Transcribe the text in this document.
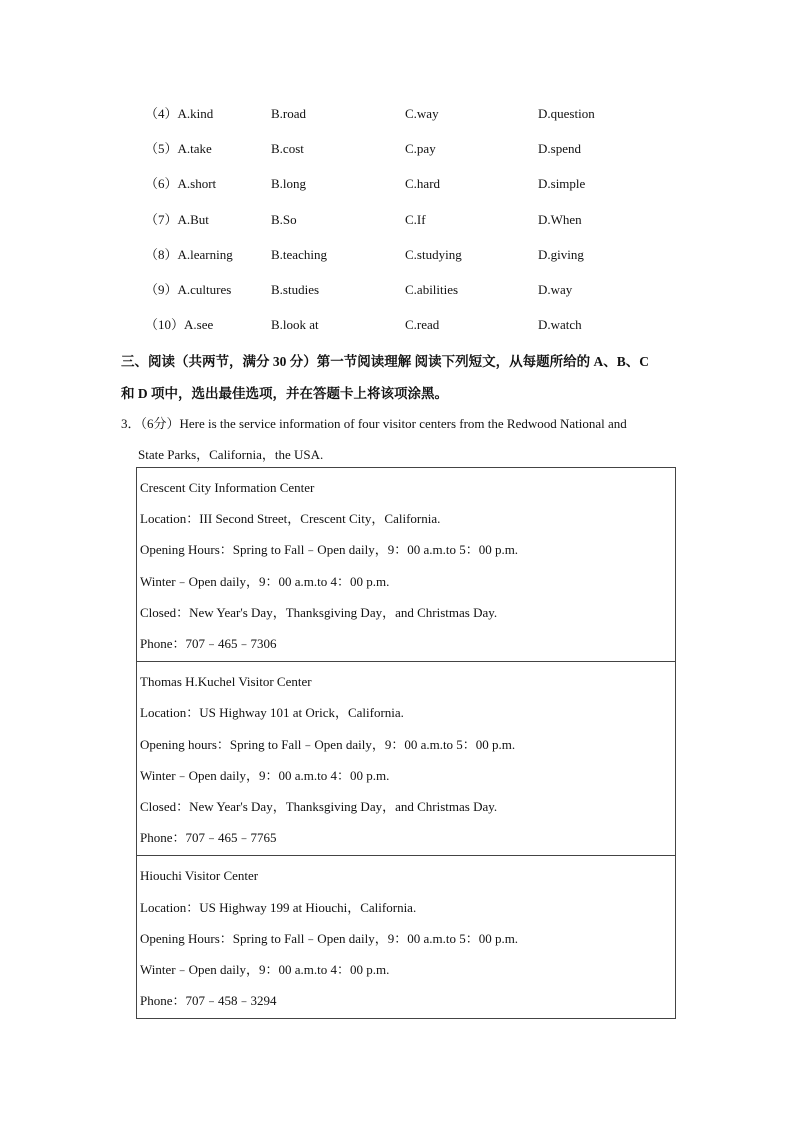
（4）A.kind	B.road	C.way	D.question
（5）A.take	B.cost	C.pay	D.spend
（6）A.short	B.long	C.hard	D.simple
（7）A.But	B.So	C.If	D.When
（8）A.learning	B.teaching	C.studying	D.giving
（9）A.cultures	B.studies	C.abilities	D.way
（10）A.see	B.look at	C.read	D.watch
三、阅读（共两节，满分 30 分）第一节阅读理解 阅读下列短文，从每题所给的 A、B、C
和 D 项中，选出最佳选项，并在答题卡上将该项涂黑。
3．（6分）Here is the service information of four visitor centers from the Redwood National and
State Parks，California，the USA.
Crescent City Information Center
Location：III Second Street，Crescent City，California.
Opening Hours：Spring to Fall﹣Open daily，9：00 a.m.to 5：00 p.m.
Winter﹣Open daily，9：00 a.m.to 4：00 p.m.
Closed：New Year's Day，Thanksgiving Day，and Christmas Day.
Phone：707﹣465﹣7306
Thomas H.Kuchel Visitor Center
Location：US Highway 101 at Orick，California.
Opening hours：Spring to Fall﹣Open daily，9：00 a.m.to 5：00 p.m.
Winter﹣Open daily，9：00 a.m.to 4：00 p.m.
Closed：New Year's Day，Thanksgiving Day，and Christmas Day.
Phone：707﹣465﹣7765
Hiouchi Visitor Center
Location：US Highway 199 at Hiouchi，California.
Opening Hours：Spring to Fall﹣Open daily，9：00 a.m.to 5：00 p.m.
Winter﹣Open daily，9：00 a.m.to 4：00 p.m.
Phone：707﹣458﹣3294
